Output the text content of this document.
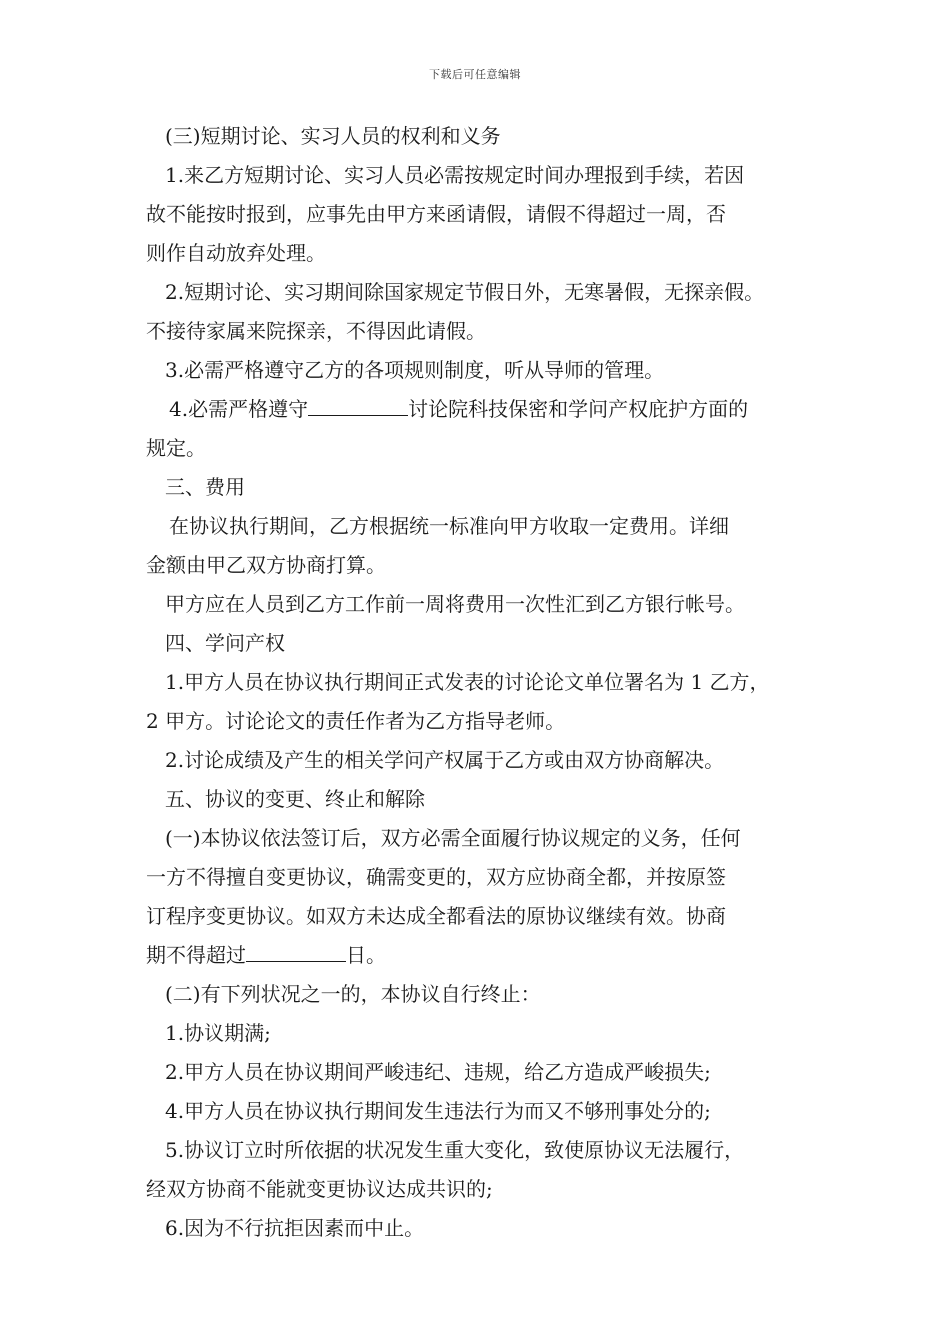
下载后可任意编辑
(三)短期讨论、实习人员的权利和义务
1.来乙方短期讨论、实习人员必需按规定时间办理报到手续，若因
故不能按时报到，应事先由甲方来函请假，请假不得超过一周，否
则作自动放弃处理。
2.短期讨论、实习期间除国家规定节假日外，无寒暑假，无探亲假。
不接待家属来院探亲，不得因此请假。
3.必需严格遵守乙方的各项规则制度，听从导师的管理。
4.必需严格遵守	讨论院科技保密和学问产权庇护方面的
规定。
三、费用
在协议执行期间，乙方根据统一标准向甲方收取一定费用。详细
金额由甲乙双方协商打算。
甲方应在人员到乙方工作前一周将费用一次性汇到乙方银行帐号。
四、学问产权
1.甲方人员在协议执行期间正式发表的讨论论文单位署名为 1 乙方，
2 甲方。讨论论文的责任作者为乙方指导老师。
2.讨论成绩及产生的相关学问产权属于乙方或由双方协商解决。
五、协议的变更、终止和解除
(一)本协议依法签订后，双方必需全面履行协议规定的义务，任何
一方不得擅自变更协议，确需变更的，双方应协商全都，并按原签
订程序变更协议。如双方未达成全都看法的原协议继续有效。协商
期不得超过	日。
(二)有下列状况之一的，本协议自行终止：
1.协议期满;
2.甲方人员在协议期间严峻违纪、违规，给乙方造成严峻损失;
4.甲方人员在协议执行期间发生违法行为而又不够刑事处分的;
5.协议订立时所依据的状况发生重大变化，致使原协议无法履行，
经双方协商不能就变更协议达成共识的;
6.因为不行抗拒因素而中止。
